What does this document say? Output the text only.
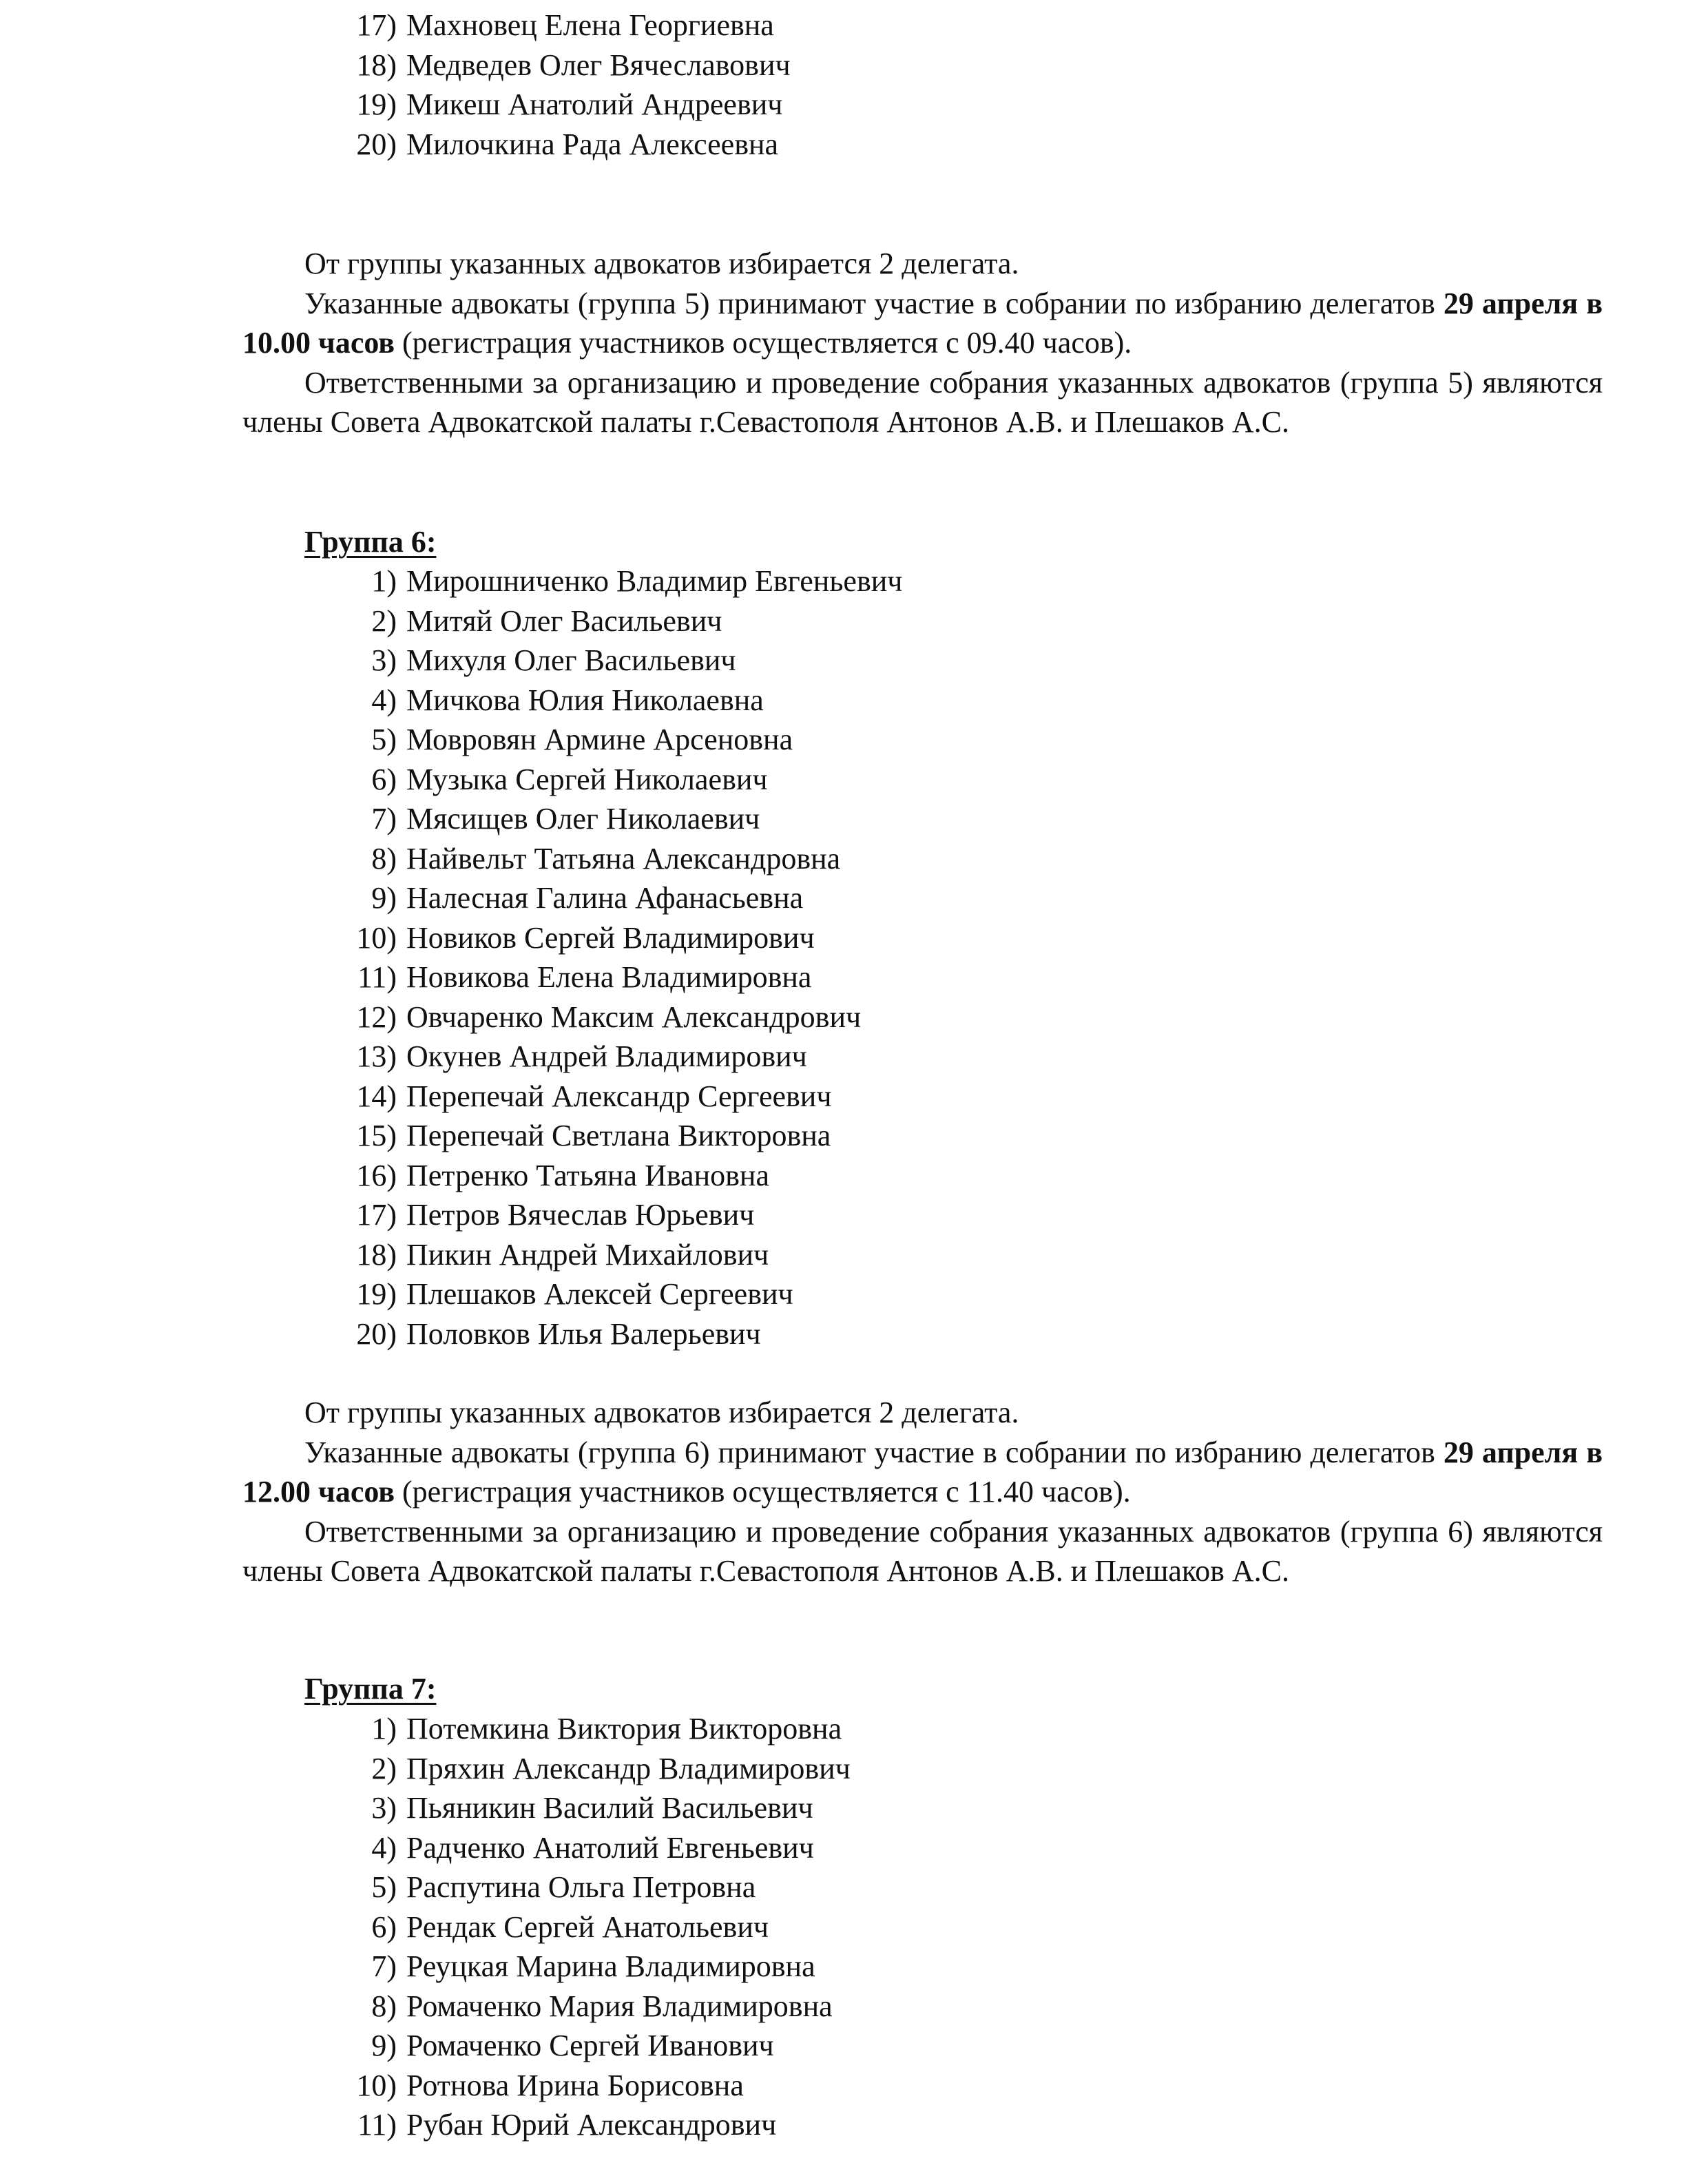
17) Махновец Елена Георгиевна
18) Медведев Олег Вячеславович
19) Микеш Анатолий Андреевич
20) Милочкина Рада Алексеевна

От группы указанных адвокатов избирается 2 делегата.

Указанные адвокаты (группа 5) принимают участие в собрании по избранию делегатов 29 апреля в 10.00 часов (регистрация участников осуществляется с 09.40 часов).

Ответственными за организацию и проведение собрания указанных адвокатов (группа 5) являются члены Совета Адвокатской палаты г.Севастополя Антонов А.В. и Плешаков А.С.

Группа 6:
1) Мирошниченко Владимир Евгеньевич
2) Митяй Олег Васильевич
3) Михуля Олег Васильевич
4) Мичкова Юлия Николаевна
5) Мовровян Армине Арсеновна
6) Музыка Сергей Николаевич
7) Мясищев Олег Николаевич
8) Найвельт Татьяна Александровна
9) Налесная Галина Афанасьевна
10) Новиков Сергей Владимирович
11) Новикова Елена Владимировна
12) Овчаренко Максим Александрович
13) Окунев Андрей Владимирович
14) Перепечай Александр Сергеевич
15) Перепечай Светлана Викторовна
16) Петренко Татьяна Ивановна
17) Петров Вячеслав Юрьевич
18) Пикин Андрей Михайлович
19) Плешаков Алексей Сергеевич
20) Половков Илья Валерьевич

От группы указанных адвокатов избирается 2 делегата.

Указанные адвокаты (группа 6) принимают участие в собрании по избранию делегатов 29 апреля в 12.00 часов (регистрация участников осуществляется с 11.40 часов).

Ответственными за организацию и проведение собрания указанных адвокатов (группа 6) являются члены Совета Адвокатской палаты г.Севастополя Антонов А.В. и Плешаков А.С.

Группа 7:
1) Потемкина Виктория Викторовна
2) Пряхин Александр Владимирович
3) Пьяникин Василий Васильевич
4) Радченко Анатолий Евгеньевич
5) Распутина Ольга Петровна
6) Рендак Сергей Анатольевич
7) Реуцкая Марина Владимировна
8) Ромаченко Мария Владимировна
9) Ромаченко Сергей Иванович
10) Ротнова Ирина Борисовна
11) Рубан Юрий Александрович
